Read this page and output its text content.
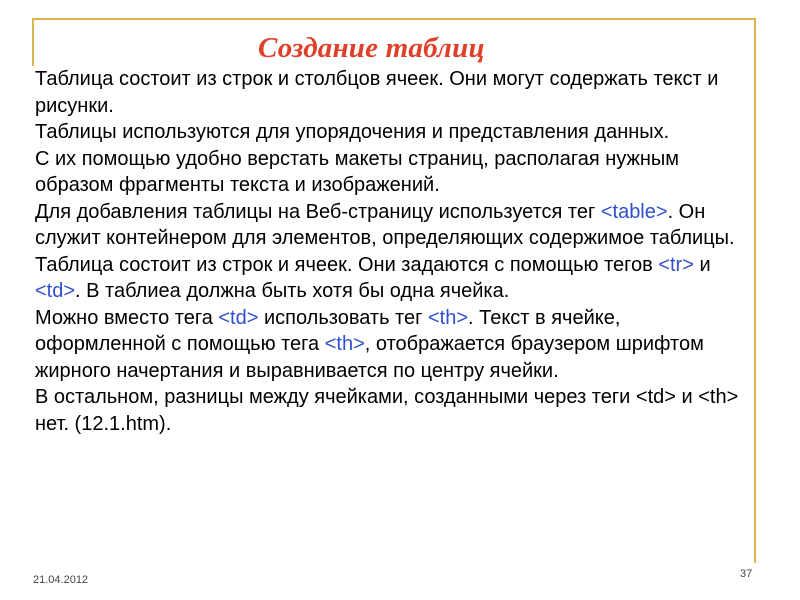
Создание таблиц

Таблица состоит из строк и столбцов ячеек. Они могут содержать текст и рисунки.

Таблицы используются для упорядочения и представления данных.

С их помощью удобно верстать макеты страниц, располагая нужным образом фрагменты текста и изображений.

Для добавления таблицы на Веб-страницу используется тег <table>. Он служит контейнером для элементов, определяющих содержимое таблицы.

Таблица состоит из строк и ячеек. Они задаются с помощью тегов <tr> и <td>. В таблиеа должна быть хотя бы одна ячейка.

Можно вместо тега <td> использовать тег <th>. Текст в ячейке, оформленной с помощью тега <th>, отображается браузером шрифтом жирного начертания и выравнивается по центру ячейки.

В остальном, разницы между ячейками, созданными через теги <td> и <th> нет. (12.1.htm).

21.04.2012	37
